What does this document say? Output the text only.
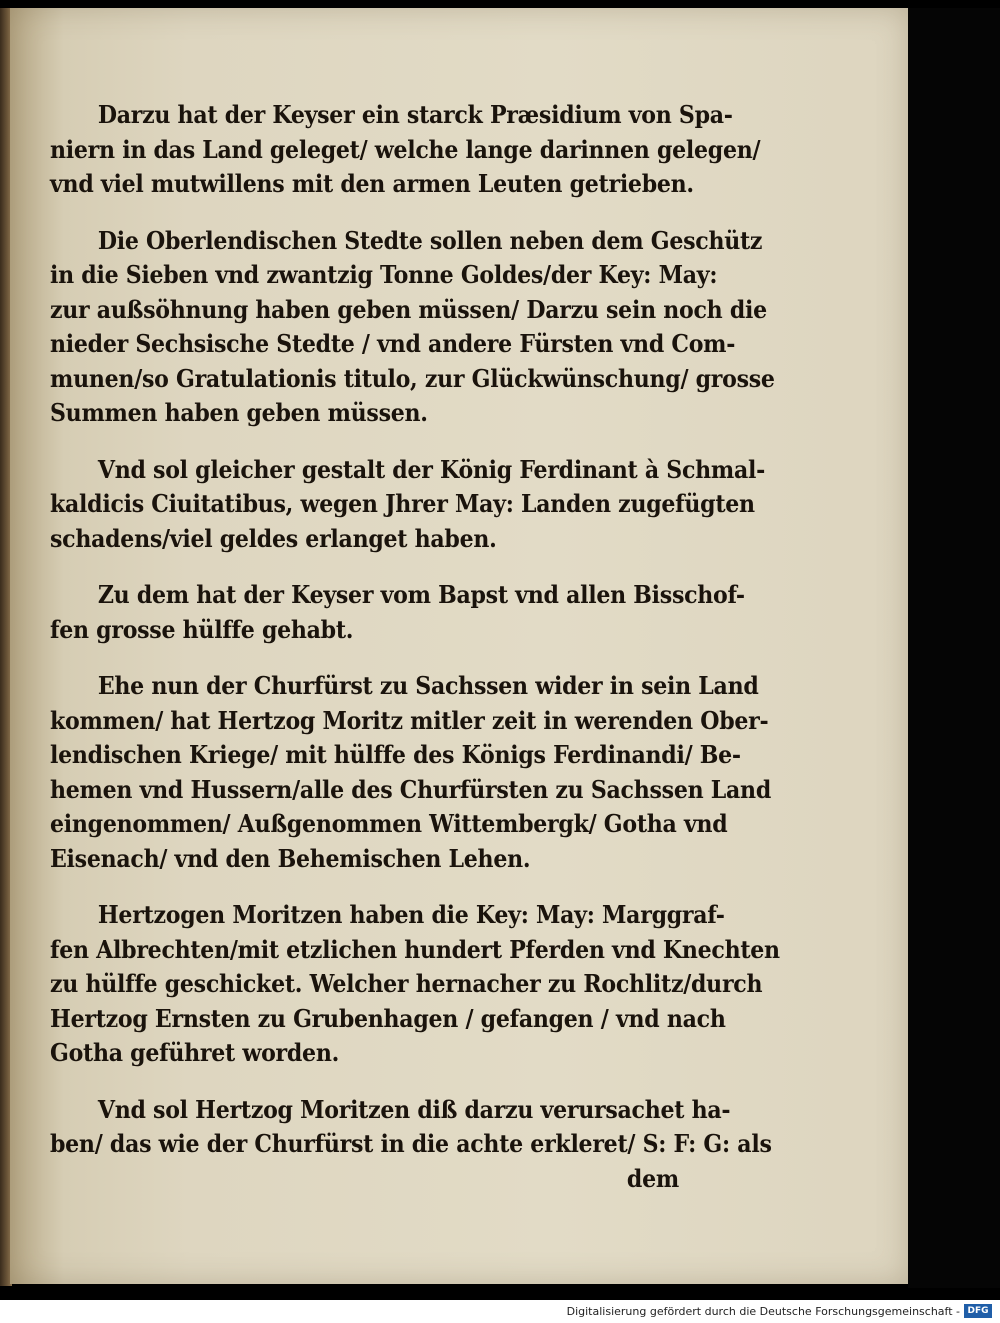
Darzu hat der Keyser ein starck Præsidium von Spa-
niern in das Land geleget/ welche lange darinnen gelegen/
vnd viel mutwillens mit den armen Leuten getrieben.
Die Oberlendischen Stedte sollen neben dem Geschütz
in die Sieben vnd zwantzig Tonne Goldes/der Key: May:
zur außsöhnung haben geben müssen/ Darzu sein noch die
nieder Sechsische Stedte / vnd andere Fürsten vnd Com-
munen/so Gratulationis titulo, zur Glückwünschung/ grosse
Summen haben geben müssen.
Vnd sol gleicher gestalt der König Ferdinant à Schmal-
kaldicis Ciuitatibus, wegen Jhrer May: Landen zugefügten
schadens/viel geldes erlanget haben.
Zu dem hat der Keyser vom Bapst vnd allen Bisschof-
fen grosse hülffe gehabt.
Ehe nun der Churfürst zu Sachssen wider in sein Land
kommen/ hat Hertzog Moritz mitler zeit in werenden Ober-
lendischen Kriege/ mit hülffe des Königs Ferdinandi/ Be-
hemen vnd Hussern/alle des Churfürsten zu Sachssen Land
eingenommen/ Außgenommen Wittembergk/ Gotha vnd
Eisenach/ vnd den Behemischen Lehen.
Hertzogen Moritzen haben die Key: May: Marggraf-
fen Albrechten/mit etzlichen hundert Pferden vnd Knechten
zu hülffe geschicket. Welcher hernacher zu Rochlitz/durch
Hertzog Ernsten zu Grubenhagen / gefangen / vnd nach
Gotha geführet worden.
Vnd sol Hertzog Moritzen diß darzu verursachet ha-
ben/ das wie der Churfürst in die achte erkleret/ S: F: G: als
dem
Digitalisierung gefördert durch die Deutsche Forschungsgemeinschaft - DFG
